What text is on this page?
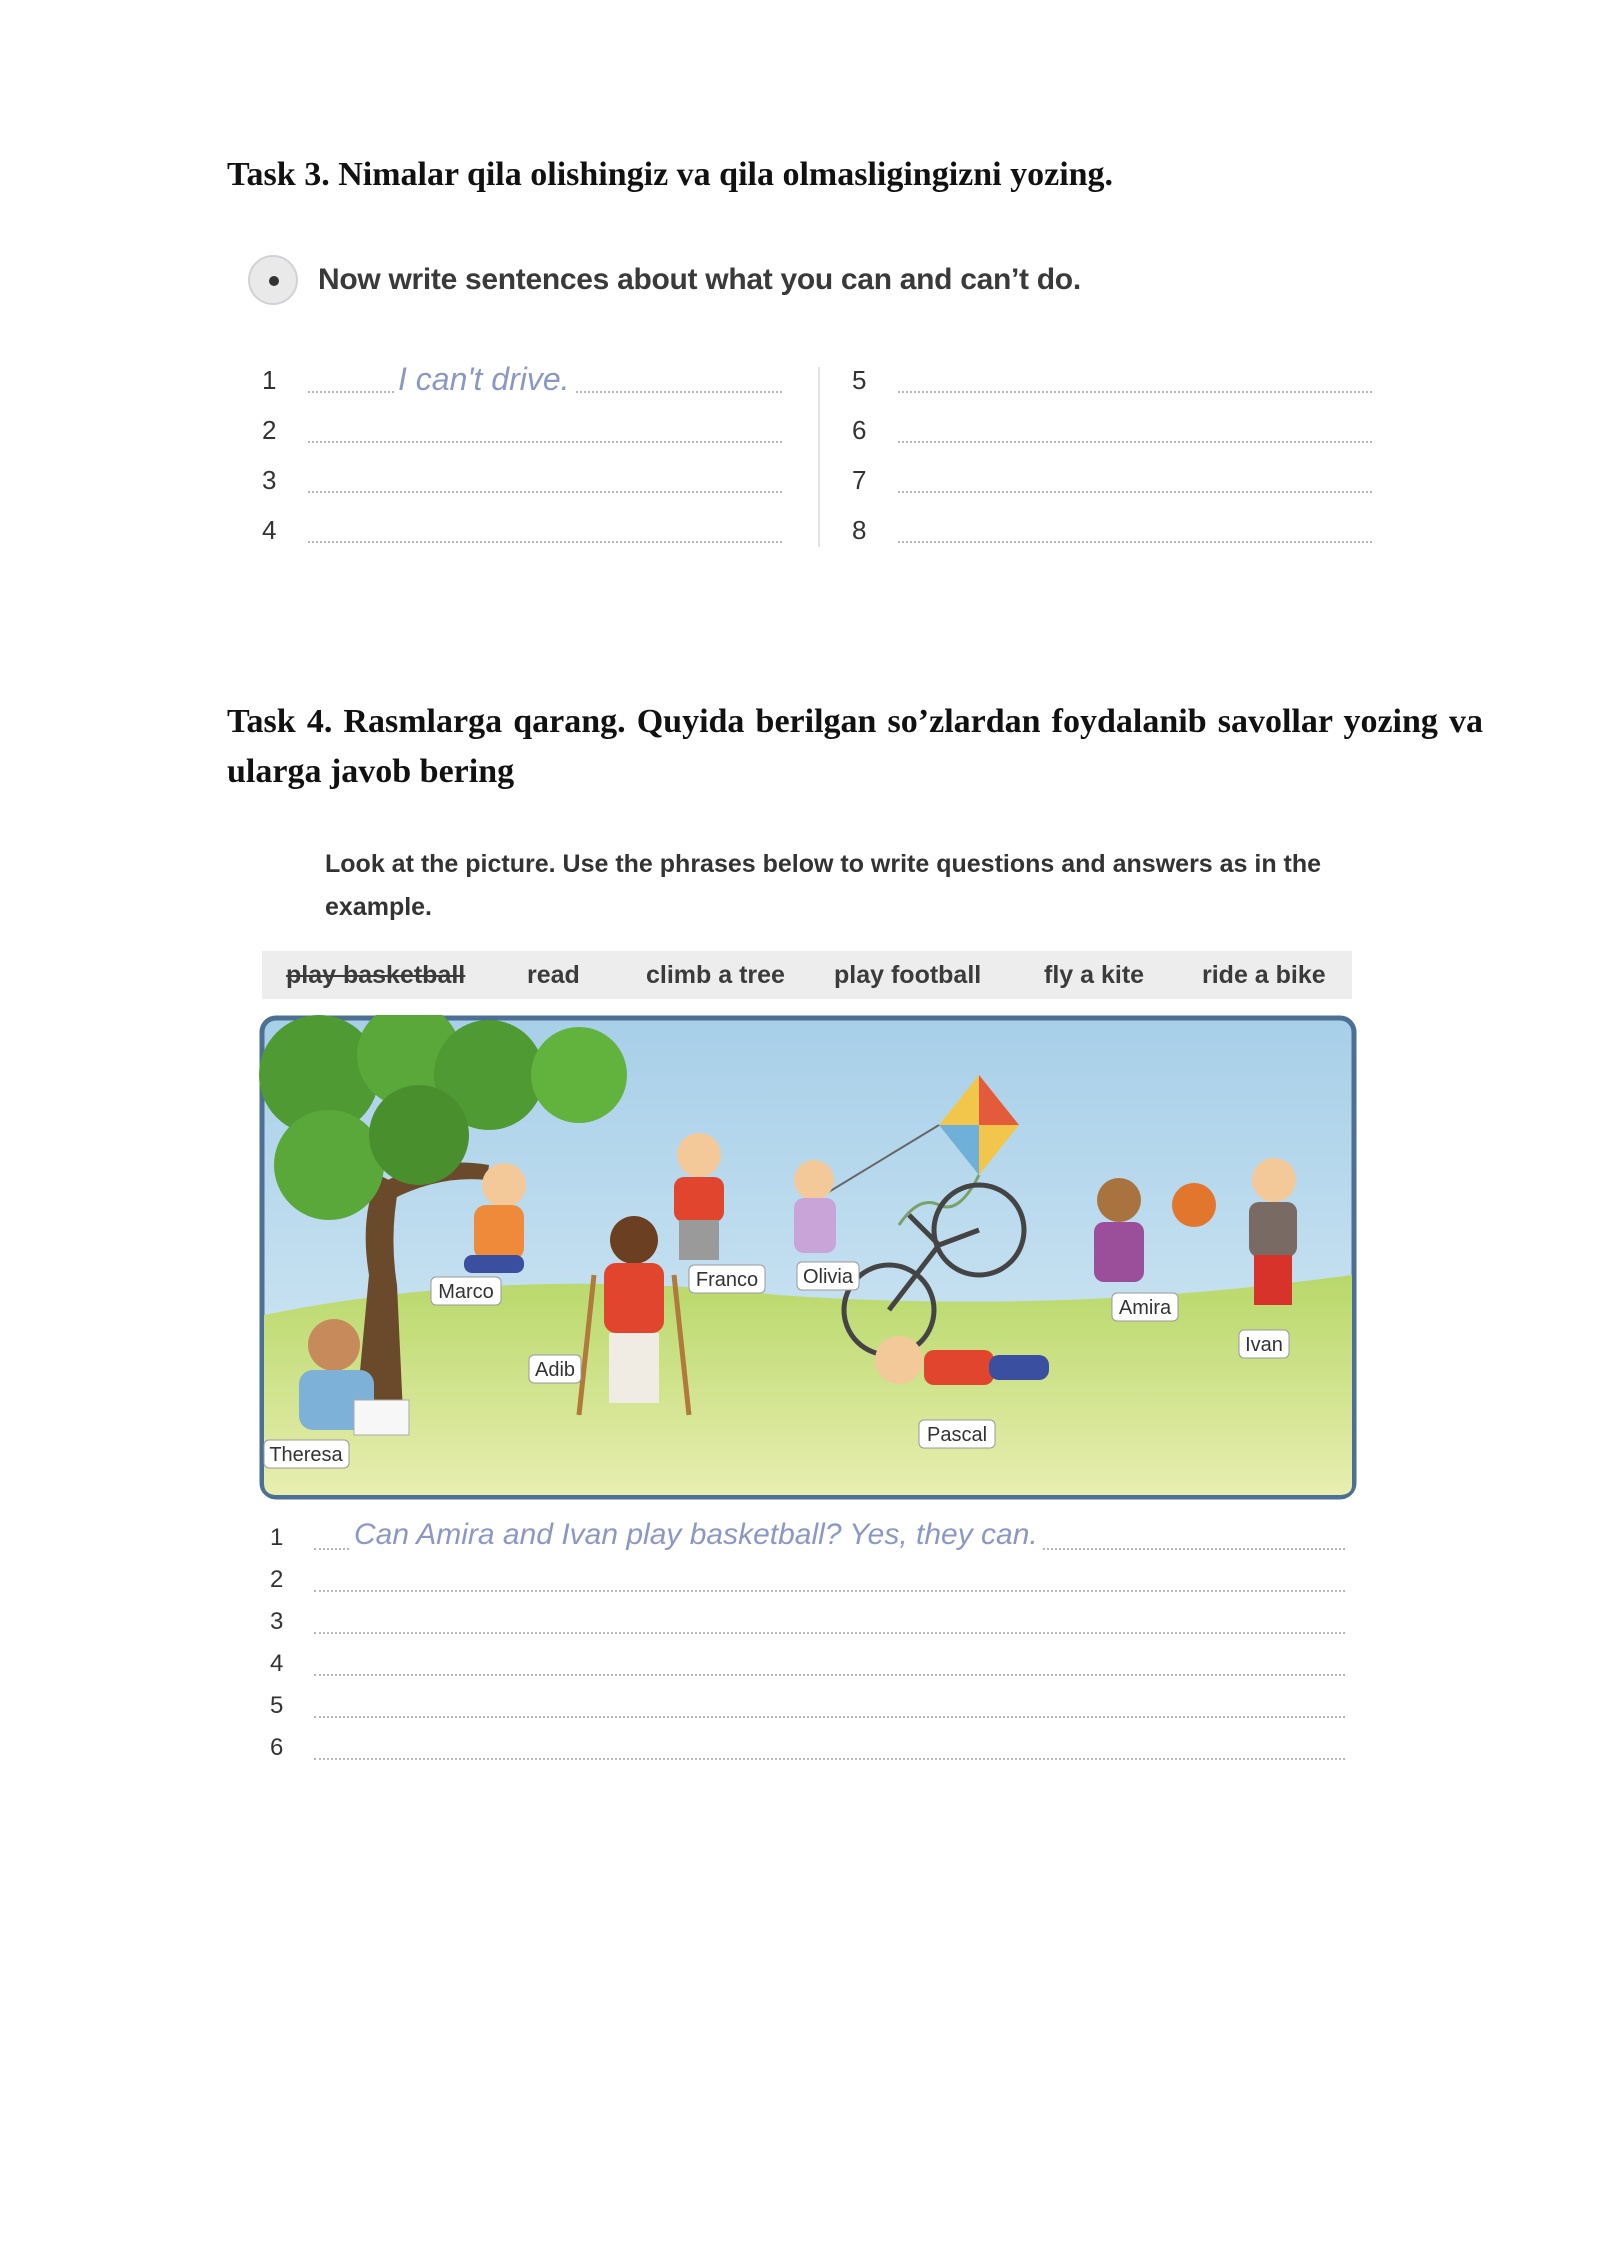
Task 3. Nimalar qila olishingiz va qila olmasligingizni yozing.
Now write sentences about what you can and can’t do.
1	I can't drive.
2
3
4
5
6
7
8
Task 4. Rasmlarga qarang. Quyida berilgan so’zlardan foydalanib savollar yozing va ularga javob bering
Look at the picture. Use the phrases below to write questions and answers as in the example.
play basketball read	climb a tree play football	fly a kite ride a bike
Marco
Adib
Theresa
Franco Olivia
Amira
Ivan
Pascal
1 Can Amira and Ivan play basketball? Yes, they can.
2
3
4
5
6
